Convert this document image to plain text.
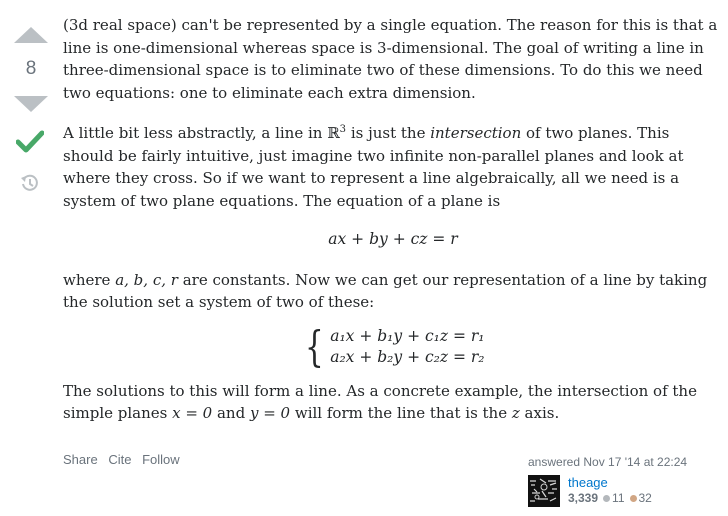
8

(3d real space) can't be represented by a single equation. The reason for this is that a line is one-dimensional whereas space is 3-dimensional. The goal of writing a line in three-dimensional space is to eliminate two of these dimensions. To do this we need two equations: one to eliminate each extra dimension.

A little bit less abstractly, a line in ℝ$^3$ is just the intersection of two planes. This should be fairly intuitive, just imagine two infinite non-parallel planes and look at where they cross. So if we want to represent a line algebraically, all we need is a system of two plane equations. The equation of a plane is

ax + by + cz = r

where a, b, c, r are constants. Now we can get our representation of a line by taking the solution set a system of two of these:

{ a₁x + b₁y + c₁z = r₁
a₂x + b₂y + c₂z = r₂

The solutions to this will form a line. As a concrete example, the intersection of the simple planes x = 0 and y = 0 will form the line that is the z axis.

Share Cite Follow	answered Nov 17 '14 at 22:24
theage
3,339 11 32
